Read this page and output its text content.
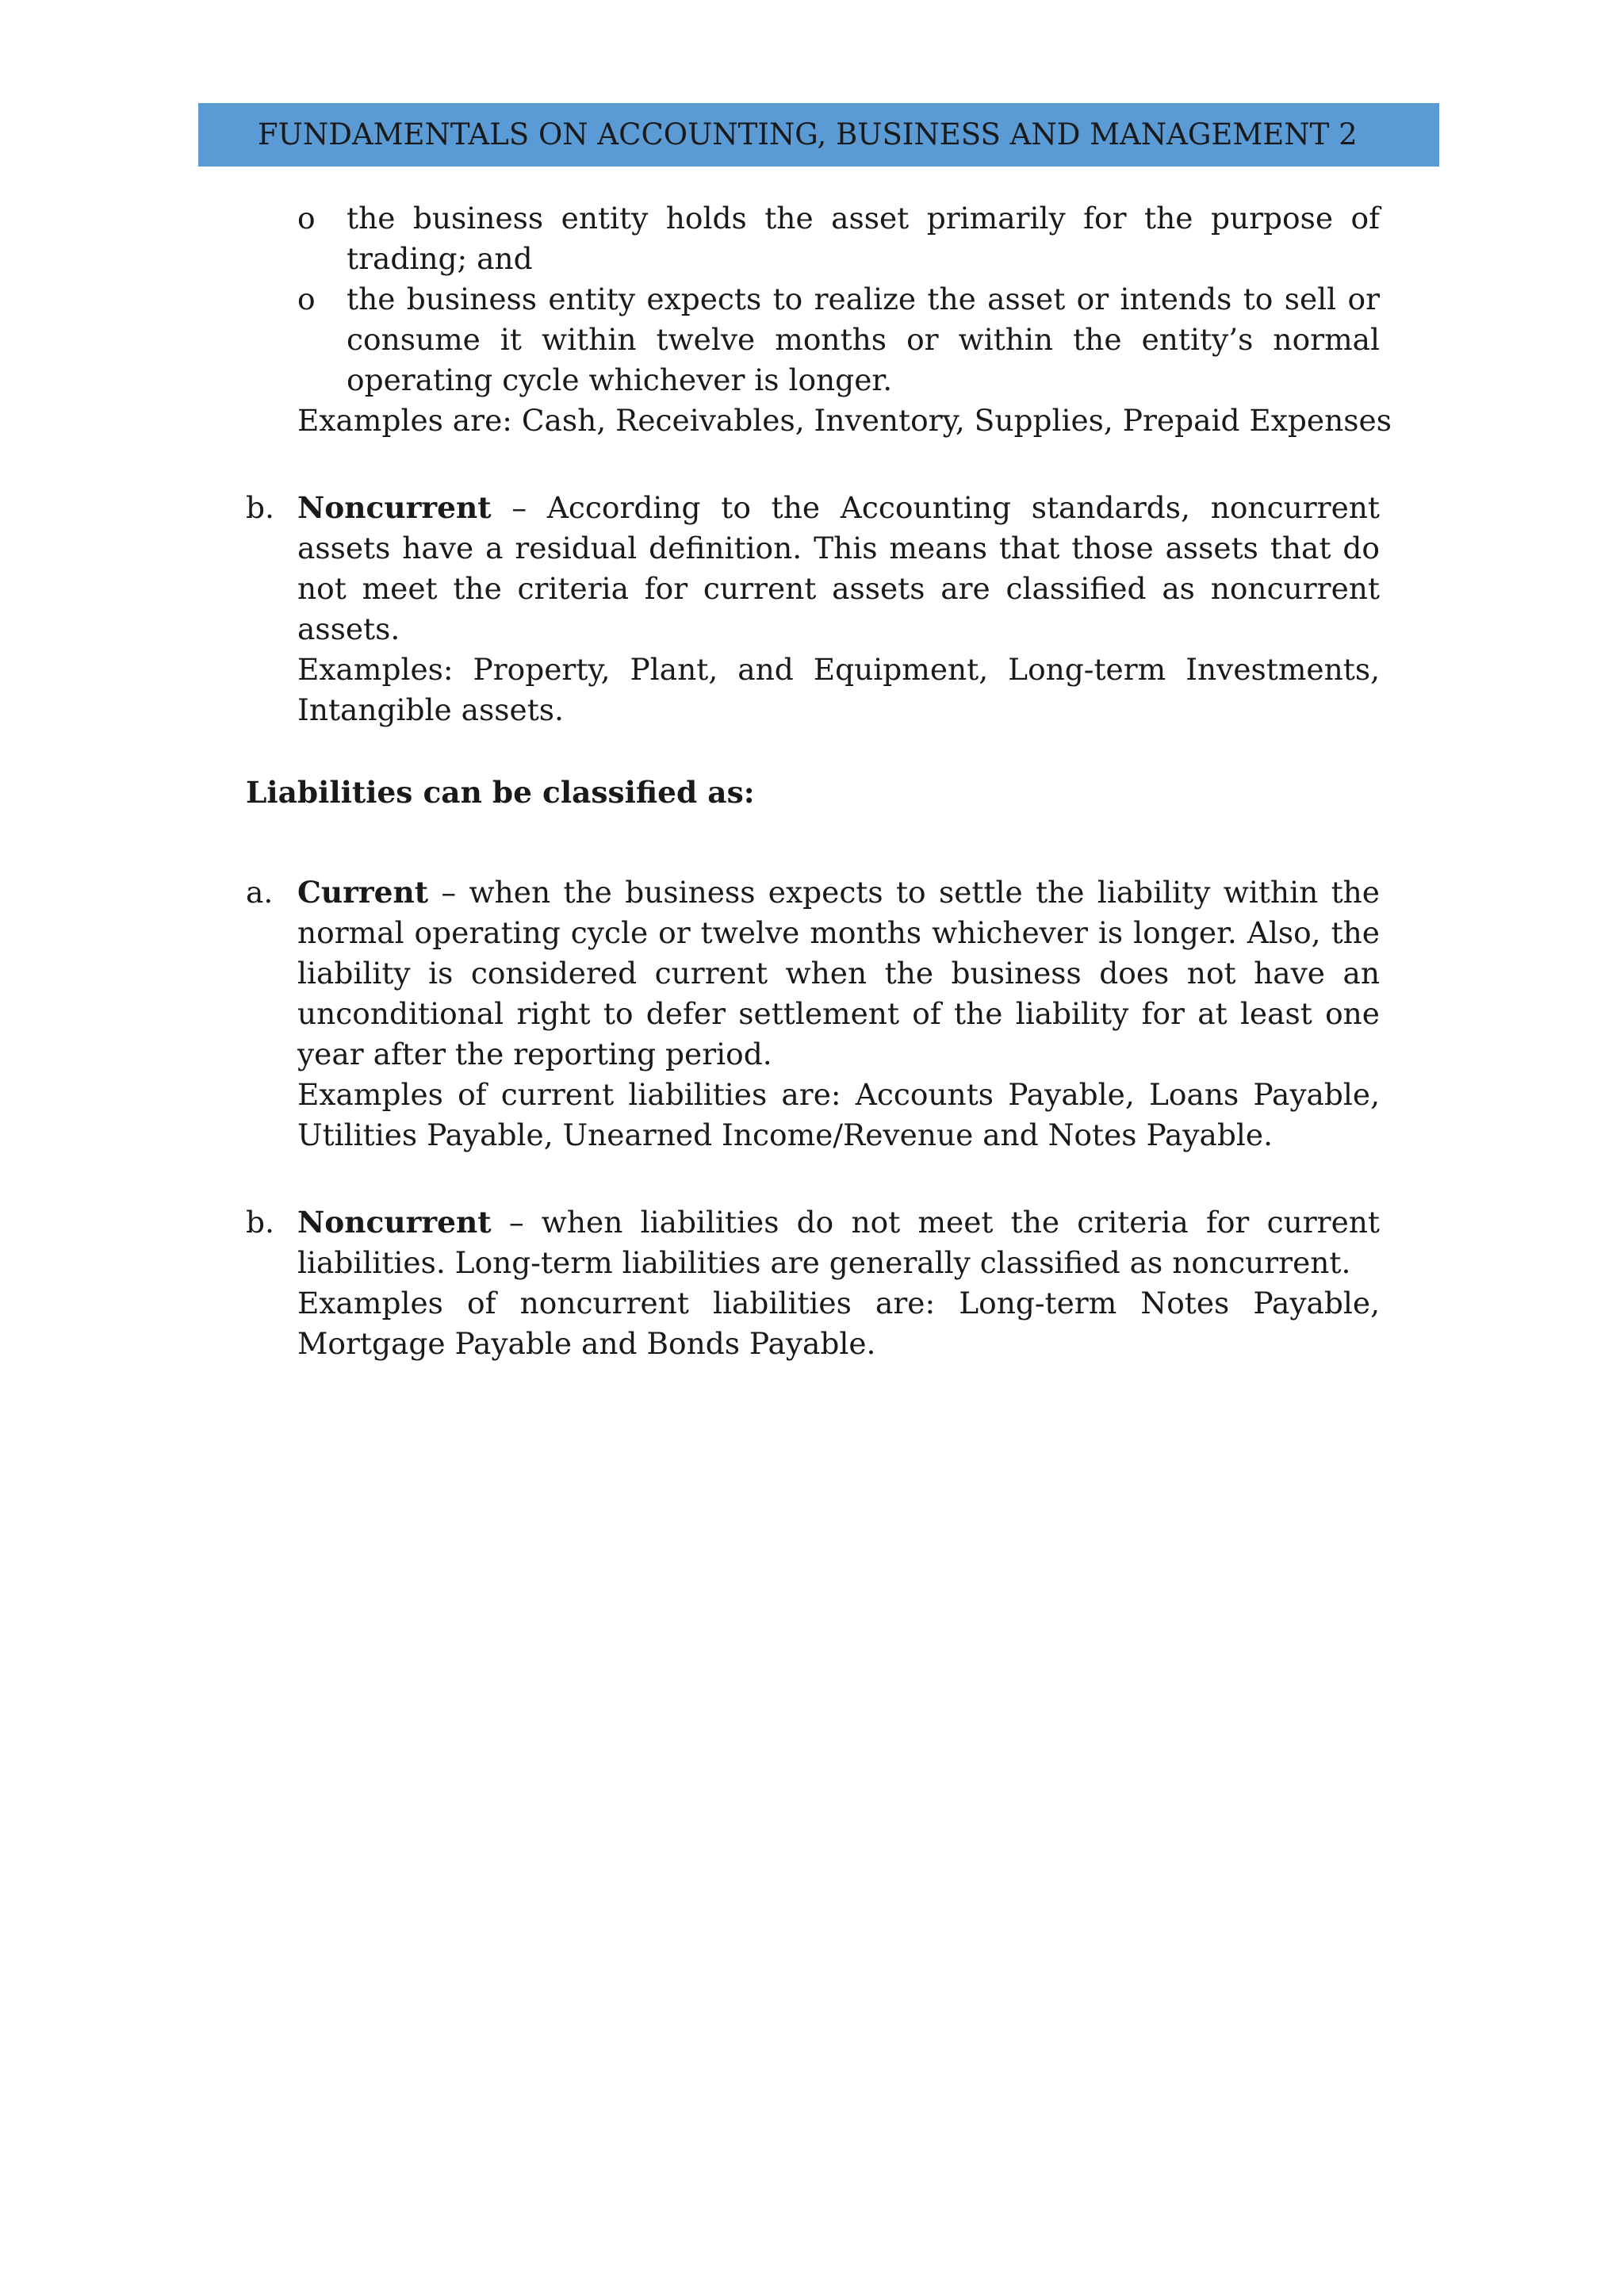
FUNDAMENTALS ON ACCOUNTING, BUSINESS AND MANAGEMENT 2
o the business entity holds the asset primarily for the purpose of trading; and
o the business entity expects to realize the asset or intends to sell or consume it within twelve months or within the entity’s normal operating cycle whichever is longer.
Examples are: Cash, Receivables, Inventory, Supplies, Prepaid Expenses
b. Noncurrent – According to the Accounting standards, noncurrent assets have a residual definition. This means that those assets that do not meet the criteria for current assets are classified as noncurrent assets.
Examples: Property, Plant, and Equipment, Long-term Investments, Intangible assets.

Liabilities can be classified as:

a. Current – when the business expects to settle the liability within the normal operating cycle or twelve months whichever is longer. Also, the liability is considered current when the business does not have an unconditional right to defer settlement of the liability for at least one year after the reporting period.
Examples of current liabilities are: Accounts Payable, Loans Payable, Utilities Payable, Unearned Income/Revenue and Notes Payable.
b. Noncurrent – when liabilities do not meet the criteria for current liabilities. Long-term liabilities are generally classified as noncurrent.
Examples of noncurrent liabilities are: Long-term Notes Payable, Mortgage Payable and Bonds Payable.
